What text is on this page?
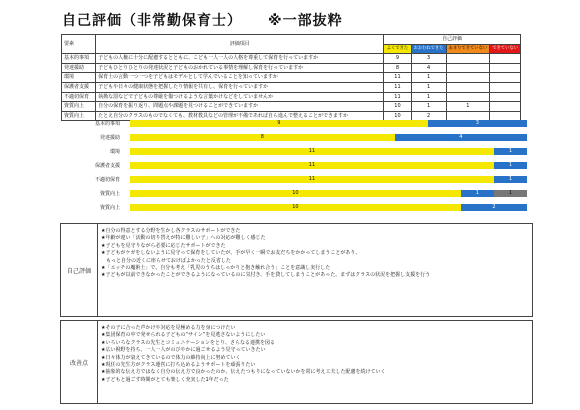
自己評価（非常勤保育士） ※一部抜粋
要素	評価項目	自己評価			
		よくできた	おおむねできた	あまりできていない	できていない
基本的事項	子どもの人権に十分に配慮するとともに、こども一人一人の人格を尊重して保育を行っていますか	9	3		
発達援助	子どもひとりひとりの発達状況と子どものおかれている事情を理解し保育を行っていますか	8	4		
環境	保育士の言動一つ一つを子どもはモデルとして学んでいることを知っていますか	11	1		
保護者支援	子どもや日々の健康状態を把握したり情報を共有し、保育を行っていますか	11	1		
不適切保育	執拗な罰などで子どもの尊厳を傷つけるような言葉かけなどをしていませんか	11	1		
資質向上	自分の保育を振り返り、問題点や課題を見つけることができていますか	10	1	1	
資質向上	たとえ自分のクラスのものでなくても、教材教具などの管理が不備であれば自ら進んで整えることができますか	10	2		
基本的事項	9	3
発達援助	8	4
環境	11	1
保護者支援	11	1
不適切保育	11	1
資質向上	10	1	1
資質向上	10	2
自己評価
★自分の得意とする分野を生かし各クラスのサポートができた
★年齢が違い「活動の切り替えが特に難しい子」への対応が難しく感じた
★子どもを見守りながら必要に応じたサポートができた
★子どもがケガをしないように見守って保育をしていたが、手が早く一瞬でお友だちをかかってしまうことがあり、
　もっと自分の近くに座らせておけばよかったと反省した
★「エッチの魔術士」で、自分も考え「乳児のうちはしっかりと抱き触れ合う」ことを意識し実行した
★子どもが以前できなかったことができるようになっているのに気付き、手を貸してしまうことがあった。まずはクラスの状況を把握し支援を行う
改善点
★その子に合った声かけや対応を見極める力を身につけたい
★集団保育の中で発せられる子どもの“サイン”を見逃さないようにしたい
★いろいろなクラスの先生とコミュニケーションをとり、さらなる連携を図る
★広い視野を持ち、一人一人がのびやかに過ごせるよう見守っていきたい
★日々体力が衰えてきているので体力の維持向上に努めていく
★現任の先生方がクラス運営に打ち込めるようサポートを頑張りたい
★抽象的な伝え方ではなく自分の伝え方で良かったのか、伝えたつもりになっていないかを常に考え工夫した配慮を続けていく
★子どもと過ごす時間がとても楽しく充実した1年だった
